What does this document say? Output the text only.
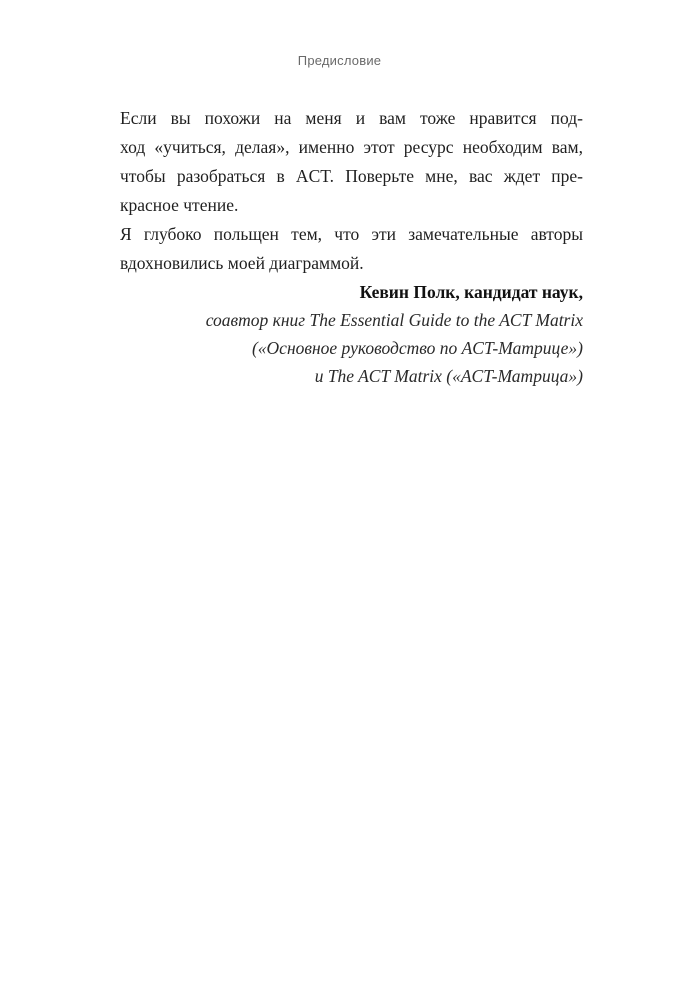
Предисловие

Если вы похожи на меня и вам тоже нравится под-
ход «учиться, делая», именно этот ресурс необходим вам,
чтобы разобраться в ACT. Поверьте мне, вас ждет пре-
красное чтение.

Я глубоко польщен тем, что эти замечательные авторы
вдохновились моей диаграммой.

Кевин Полк, кандидат наук,
соавтор книг The Essential Guide to the ACT Matrix
(«Основное руководство по ACT-Матрице»)
и The ACT Matrix («ACT-Матрица»)
